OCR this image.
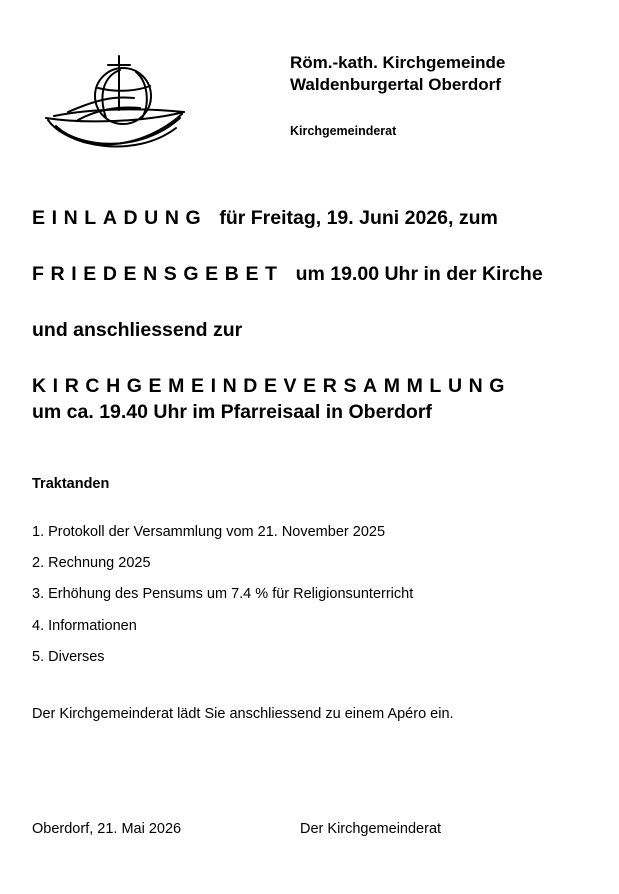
Röm.-kath. Kirchgemeinde
Waldenburgertal Oberdorf
Kirchgemeinderat
EINLADUNG für Freitag, 19. Juni 2026, zum
FRIEDENSGEBET um 19.00 Uhr in der Kirche
und anschliessend zur
KIRCHGEMEINDEVERSAMMLUNG
um ca. 19.40 Uhr im Pfarreisaal in Oberdorf
Traktanden
1. Protokoll der Versammlung vom 21. November 2025
2. Rechnung 2025
3. Erhöhung des Pensums um 7.4 % für Religionsunterricht
4. Informationen
5. Diverses
Der Kirchgemeinderat lädt Sie anschliessend zu einem Apéro ein.
Oberdorf, 21. Mai 2026	Der Kirchgemeinderat
